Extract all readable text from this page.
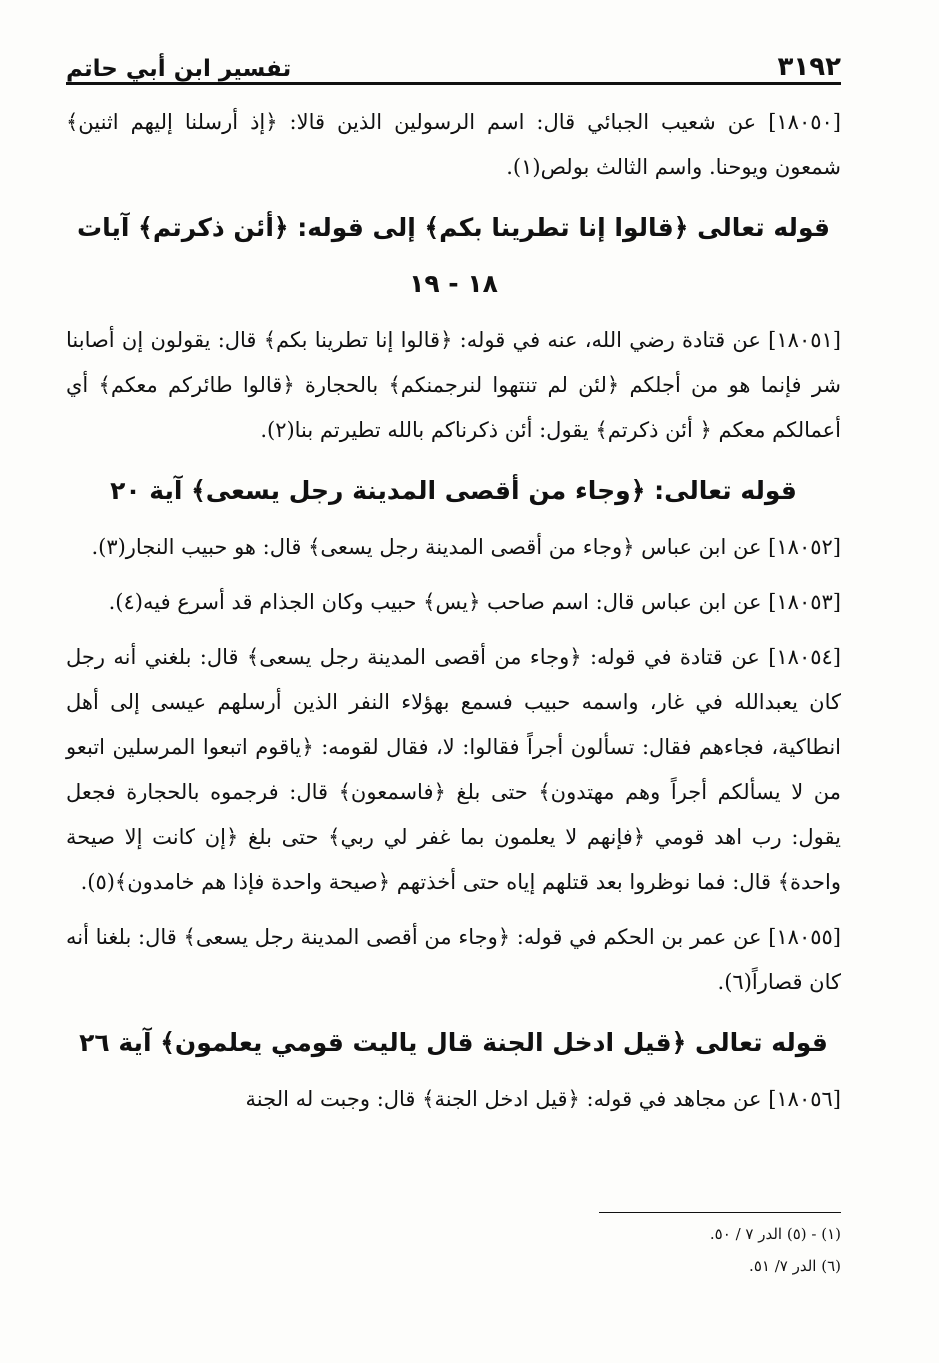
٣١٩٢
تفسير ابن أبي حاتم

[١٨٠٥٠] عن شعيب الجبائي قال: اسم الرسولين الذين قالا: ﴿إذ أرسلنا إليهم اثنين﴾ شمعون ويوحنا. واسم الثالث بولص(١).

قوله تعالى ﴿قالوا إنا تطرينا بكم﴾ إلى قوله: ﴿أئن ذكرتم﴾ آيات ١٨ - ١٩

[١٨٠٥١] عن قتادة رضي الله، عنه في قوله: ﴿قالوا إنا تطرينا بكم﴾ قال: يقولون إن أصابنا شر فإنما هو من أجلكم ﴿لئن لم تنتهوا لنرجمنكم﴾ بالحجارة ﴿قالوا طائركم معكم﴾ أي أعمالكم معكم ﴿ أئن ذكرتم﴾ يقول: أئن ذكرناكم بالله تطيرتم بنا(٢).

قوله تعالى: ﴿وجاء من أقصى المدينة رجل يسعى﴾ آية ٢٠

[١٨٠٥٢] عن ابن عباس ﴿وجاء من أقصى المدينة رجل يسعى﴾ قال: هو حبيب النجار(٣).

[١٨٠٥٣] عن ابن عباس قال: اسم صاحب ﴿يس﴾ حبيب وكان الجذام قد أسرع فيه(٤).

[١٨٠٥٤] عن قتادة في قوله: ﴿وجاء من أقصى المدينة رجل يسعى﴾ قال: بلغني أنه رجل كان يعبدالله في غار، واسمه حبيب فسمع بهؤلاء النفر الذين أرسلهم عيسى إلى أهل انطاكية، فجاءهم فقال: تسألون أجراً فقالوا: لا، فقال لقومه: ﴿ياقوم اتبعوا المرسلين اتبعو من لا يسألكم أجراً وهم مهتدون﴾ حتى بلغ ﴿فاسمعون﴾ قال: فرجموه بالحجارة فجعل يقول: رب اهد قومي ﴿فإنهم لا يعلمون بما غفر لي ربي﴾ حتى بلغ ﴿إن كانت إلا صيحة واحدة﴾ قال: فما نوظروا بعد قتلهم إياه حتى أخذتهم ﴿صيحة واحدة فإذا هم خامدون﴾(٥).

[١٨٠٥٥] عن عمر بن الحكم في قوله: ﴿وجاء من أقصى المدينة رجل يسعى﴾ قال: بلغنا أنه كان قصاراً(٦).

قوله تعالى ﴿قيل ادخل الجنة قال ياليت قومي يعلمون﴾ آية ٢٦

[١٨٠٥٦] عن مجاهد في قوله: ﴿قيل ادخل الجنة﴾ قال: وجبت له الجنة

(١) - (٥) الدر ٧ / ٥٠.
(٦) الدر ٧/ ٥١.
